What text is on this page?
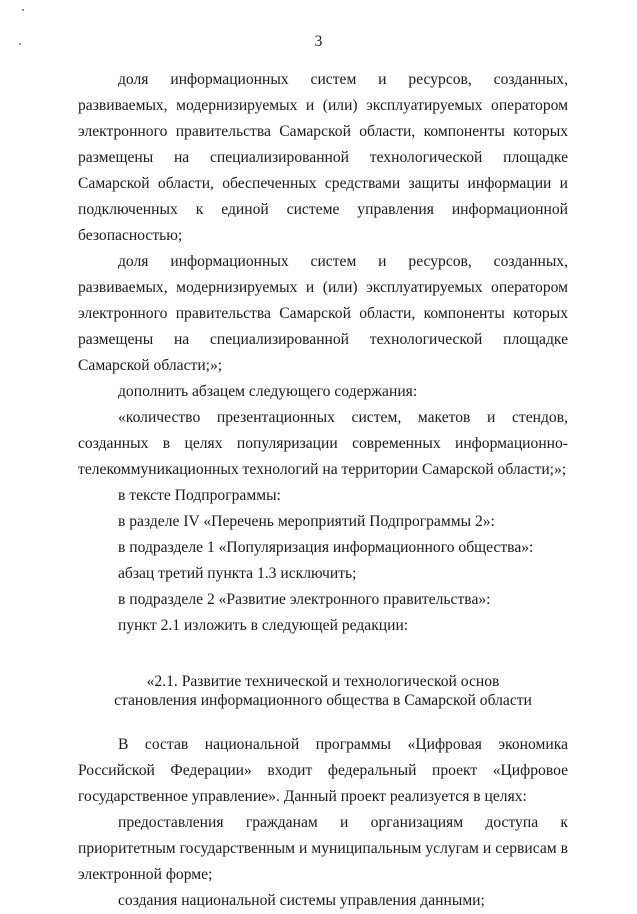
3

доля информационных систем и ресурсов, созданных, развиваемых, модернизируемых и (или) эксплуатируемых оператором электронного правительства Самарской области, компоненты которых размещены на специализированной технологической площадке Самарской области, обеспеченных средствами защиты информации и подключенных к единой системе управления информационной безопасностью;

доля информационных систем и ресурсов, созданных, развиваемых, модернизируемых и (или) эксплуатируемых оператором электронного правительства Самарской области, компоненты которых размещены на специализированной технологической площадке Самарской области;»;

дополнить абзацем следующего содержания:

«количество презентационных систем, макетов и стендов, созданных в целях популяризации современных информационно-телекоммуникационных технологий на территории Самарской области;»;

в тексте Подпрограммы:

в разделе IV «Перечень мероприятий Подпрограммы 2»:

в подразделе 1 «Популяризация информационного общества»:

абзац третий пункта 1.3 исключить;

в подразделе 2 «Развитие электронного правительства»:

пункт 2.1 изложить в следующей редакции:

«2.1. Развитие технической и технологической основ
становления информационного общества в Самарской области

В состав национальной программы «Цифровая экономика Российской Федерации» входит федеральный проект «Цифровое государственное управление». Данный проект реализуется в целях:

предоставления гражданам и организациям доступа к приоритетным государственным и муниципальным услугам и сервисам в электронной форме;

создания национальной системы управления данными;
